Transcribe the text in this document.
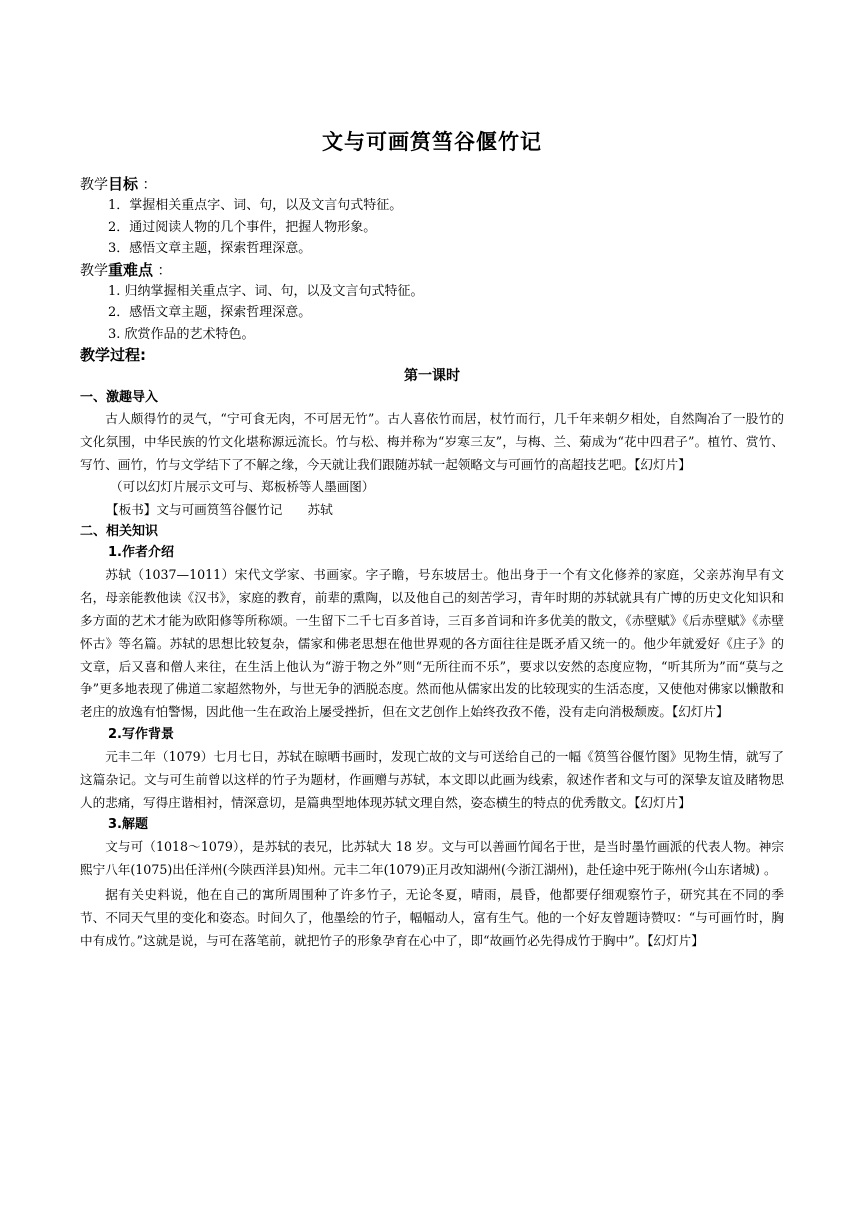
文与可画筼筜谷偃竹记
教学目标 ：
1．掌握相关重点字、词、句，以及文言句式特征。
2．通过阅读人物的几个事件，把握人物形象。
3．感悟文章主题，探索哲理深意。
教学重难点 ：
1. 归纳掌握相关重点字、词、句，以及文言句式特征。
2．感悟文章主题，探索哲理深意。
3. 欣赏作品的艺术特色。
教学过程:
第一课时
一、激趣导入

古人颇得竹的灵气，“宁可食无肉，不可居无竹”。古人喜依竹而居，杖竹而行，几千年来朝夕相处，自然陶冶了一股竹的文化氛围，中华民族的竹文化堪称源远流长。竹与松、梅并称为“岁寒三友”，与梅、兰、菊成为“花中四君子”。植竹、赏竹、写竹、画竹，竹与文学结下了不解之缘，今天就让我们跟随苏轼一起领略文与可画竹的高超技艺吧。【幻灯片】

（可以幻灯片展示文可与、郑板桥等人墨画图）
【板书】文与可画筼筜谷偃竹记　　苏轼
二、相关知识
1.作者介绍

苏轼（1037—1011）宋代文学家、书画家。字子瞻，号东坡居士。他出身于一个有文化修养的家庭，父亲苏洵早有文名，母亲能教他读《汉书》，家庭的教育，前辈的熏陶，以及他自己的刻苦学习，青年时期的苏轼就具有广博的历史文化知识和多方面的艺术才能为欧阳修等所称颂。一生留下二千七百多首诗，三百多首词和许多优美的散文，《赤壁赋》《后赤壁赋》《赤壁怀古》等名篇。苏轼的思想比较复杂，儒家和佛老思想在他世界观的各方面往往是既矛盾又统一的。他少年就爱好《庄子》的文章，后又喜和僧人来往，在生活上他认为“游于物之外”则“无所往而不乐”，要求以安然的态度应物，“听其所为”而“莫与之争”更多地表现了佛道二家超然物外，与世无争的洒脱态度。然而他从儒家出发的比较现实的生活态度，又使他对佛家以懒散和老庄的放逸有怕警惕，因此他一生在政治上屡受挫折，但在文艺创作上始终孜孜不倦，没有走向消极颓废。【幻灯片】

2.写作背景

元丰二年（1079）七月七日，苏轼在晾晒书画时，发现亡故的文与可送给自己的一幅《筼筜谷偃竹图》见物生情，就写了这篇杂记。文与可生前曾以这样的竹子为题材，作画赠与苏轼，本文即以此画为线索，叙述作者和文与可的深挚友谊及睹物思人的悲痛，写得庄谐相衬，情深意切，是篇典型地体现苏轼文理自然，姿态横生的特点的优秀散文。【幻灯片】

3.解题

文与可（1018～1079），是苏轼的表兄，比苏轼大 18 岁。文与可以善画竹闻名于世，是当时墨竹画派的代表人物。神宗熙宁八年(1075)出任洋州(今陕西洋县)知州。元丰二年(1079)正月改知湖州(今浙江湖州)，赴任途中死于陈州(今山东诸城) 。

据有关史料说，他在自己的寓所周围种了许多竹子，无论冬夏，晴雨，晨昏，他都要仔细观察竹子，研究其在不同的季节、不同天气里的变化和姿态。时间久了，他墨绘的竹子，幅幅动人，富有生气。他的一个好友曾题诗赞叹：“与可画竹时，胸中有成竹。”这就是说，与可在落笔前，就把竹子的形象孕育在心中了，即“故画竹必先得成竹于胸中”。【幻灯片】
